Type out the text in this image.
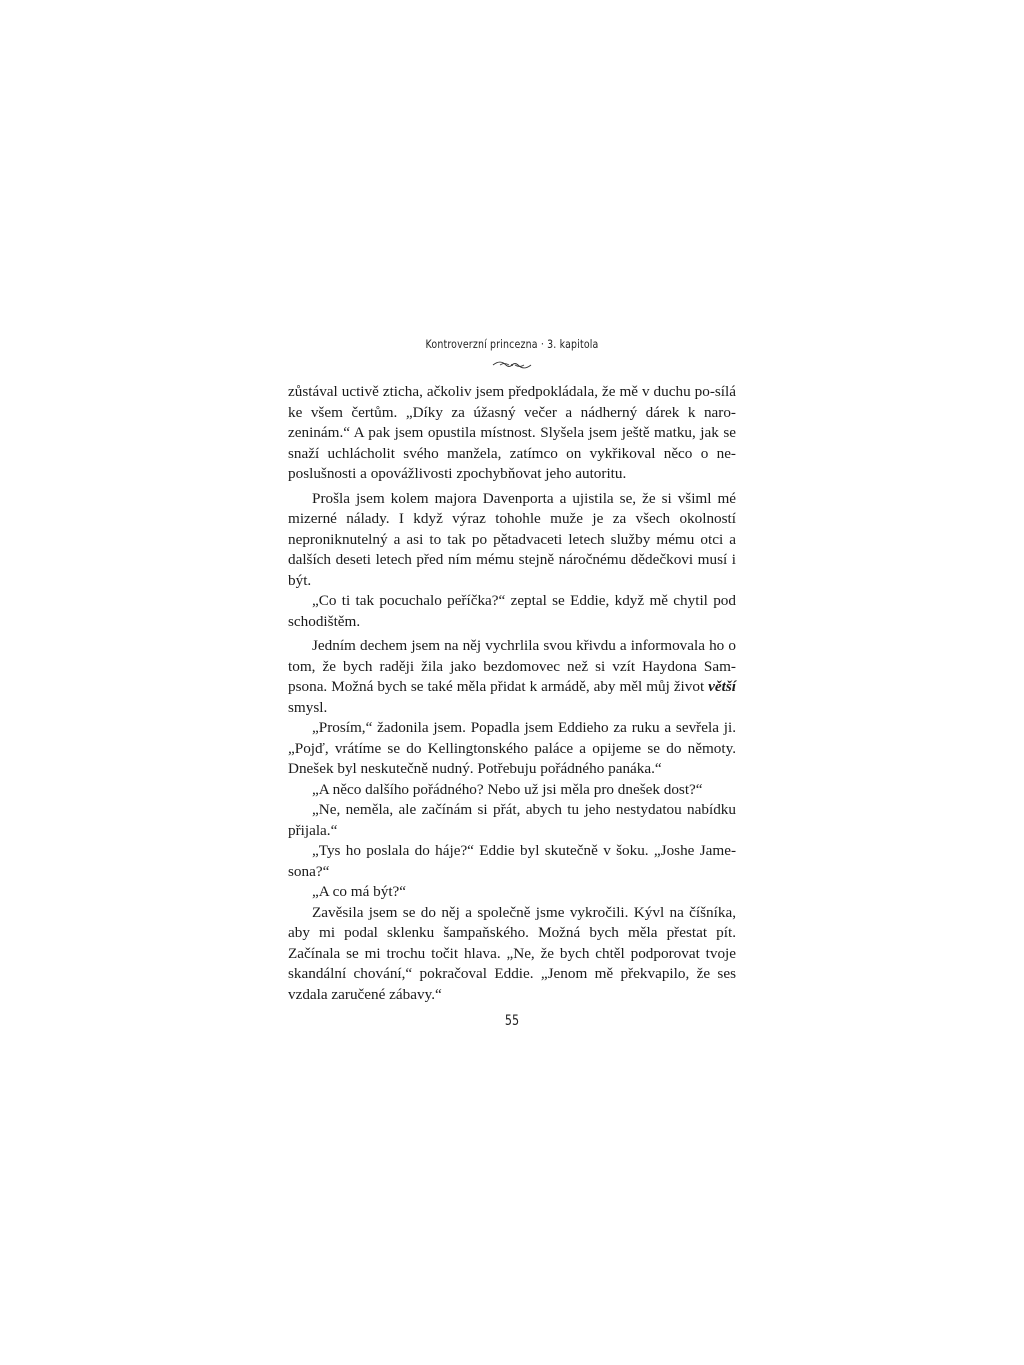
Kontroverzní princezna · 3. kapitola

zůstával uctivě zticha, ačkoliv jsem předpokládala, že mě v duchu po-sílá ke všem čertům. „Díky za úžasný večer a nádherný dárek k naro-zeninám.“ A pak jsem opustila místnost. Slyšela jsem ještě matku, jak se snaží uchlácholit svého manžela, zatímco on vykřikoval něco o ne-poslušnosti a opovážlivosti zpochybňovat jeho autoritu.

Prošla jsem kolem majora Davenporta a ujistila se, že si všiml mé mizerné nálady. I když výraz tohohle muže je za všech okolností neproniknutelný a asi to tak po pětadvaceti letech služby mému otci a dalších deseti letech před ním mému stejně náročnému dědečkovi musí i být.

„Co ti tak pocuchalo peříčka?“ zeptal se Eddie, když mě chytil pod schodištěm.

Jedním dechem jsem na něj vychrlila svou křivdu a informovala ho o tom, že bych raději žila jako bezdomovec než si vzít Haydona Sam-psona. Možná bych se také měla přidat k armádě, aby měl můj život větší smysl.

„Prosím,“ žadonila jsem. Popadla jsem Eddieho za ruku a sevřela ji. „Pojď, vrátíme se do Kellingtonského paláce a opijeme se do němoty. Dnešek byl neskutečně nudný. Potřebuju pořádného panáka.“

„A něco dalšího pořádného? Nebo už jsi měla pro dnešek dost?“

„Ne, neměla, ale začínám si přát, abych tu jeho nestydatou nabídku přijala.“

„Tys ho poslala do háje?“ Eddie byl skutečně v šoku. „Joshe Jame-sona?“

„A co má být?“

Zavěsila jsem se do něj a společně jsme vykročili. Kývl na číšníka, aby mi podal sklenku šampaňského. Možná bych měla přestat pít. Začínala se mi trochu točit hlava. „Ne, že bych chtěl podporovat tvoje skandální chování,“ pokračoval Eddie. „Jenom mě překvapilo, že ses vzdala zaručené zábavy.“

55
